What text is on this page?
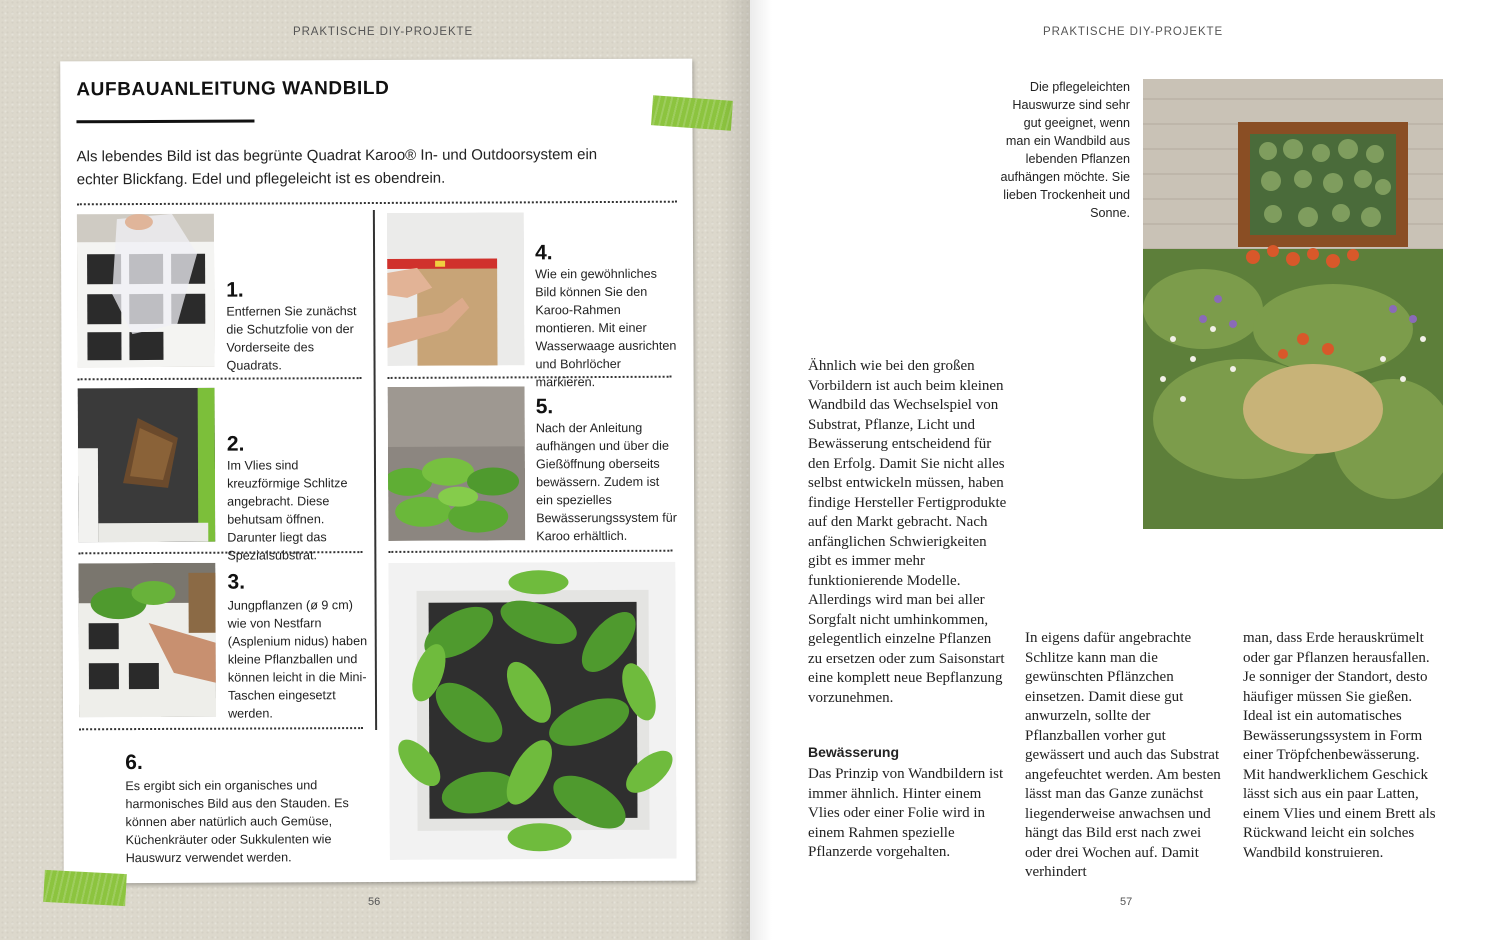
PRAKTISCHE DIY-PROJEKTE
AUFBAUANLEITUNG WANDBILD
Als lebendes Bild ist das begrünte Quadrat Karoo® In- und Outdoorsystem ein echter Blickfang. Edel und pflegeleicht ist es obendrein.
1.
Entfernen Sie zunächst die Schutzfolie von der Vorderseite des Quadrats.
2.
Im Vlies sind kreuzförmige Schlitze angebracht. Diese behutsam öffnen. Darunter liegt das Spezialsubstrat.
3.
Jungpflanzen (ø 9 cm) wie von Nestfarn (Asplenium nidus) haben kleine Pflanzballen und können leicht in die Mini-Taschen eingesetzt werden.
4.
Wie ein gewöhnliches Bild können Sie den Karoo-Rahmen montieren. Mit einer Wasserwaage ausrichten und Bohrlöcher markieren.
5.
Nach der Anleitung aufhängen und über die Gießöffnung oberseits bewässern. Zudem ist ein spezielles Bewässerungssystem für Karoo erhältlich.
6.
Es ergibt sich ein organisches und harmonisches Bild aus den Stauden. Es können aber natürlich auch Gemüse, Küchenkräuter oder Sukkulenten wie Hauswurz verwendet werden.
56
PRAKTISCHE DIY-PROJEKTE
Die pflegeleichten Hauswurze sind sehr gut geeignet, wenn man ein Wandbild aus lebenden Pflanzen aufhängen möchte. Sie lieben Trockenheit und Sonne.
Ähnlich wie bei den großen Vorbildern ist auch beim kleinen Wandbild das Wechselspiel von Substrat, Pflanze, Licht und Bewässerung entscheidend für den Erfolg. Damit Sie nicht alles selbst entwickeln müssen, haben findige Hersteller Fertigprodukte auf den Markt gebracht. Nach anfänglichen Schwierigkeiten gibt es immer mehr funktionierende Modelle. Allerdings wird man bei aller Sorgfalt nicht umhinkommen, gelegentlich einzelne Pflanzen zu ersetzen oder zum Saisonstart eine komplett neue Bepflanzung vorzunehmen.
Bewässerung
Das Prinzip von Wandbildern ist immer ähnlich. Hinter einem Vlies oder einer Folie wird in einem Rahmen spezielle Pflanzerde vorgehalten.
In eigens dafür angebrachte Schlitze kann man die gewünschten Pflänzchen einsetzen. Damit diese gut anwurzeln, sollte der Pflanzballen vorher gut gewässert und auch das Substrat angefeuchtet werden. Am besten lässt man das Ganze zunächst liegenderweise anwachsen und hängt das Bild erst nach zwei oder drei Wochen auf. Damit verhindert
man, dass Erde herauskrümelt oder gar Pflanzen herausfallen. Je sonniger der Standort, desto häufiger müssen Sie gießen. Ideal ist ein automatisches Bewässerungssystem in Form einer Tröpfchenbewässerung. Mit handwerklichem Geschick lässt sich aus ein paar Latten, einem Vlies und einem Brett als Rückwand leicht ein solches Wandbild konstruieren.
57
